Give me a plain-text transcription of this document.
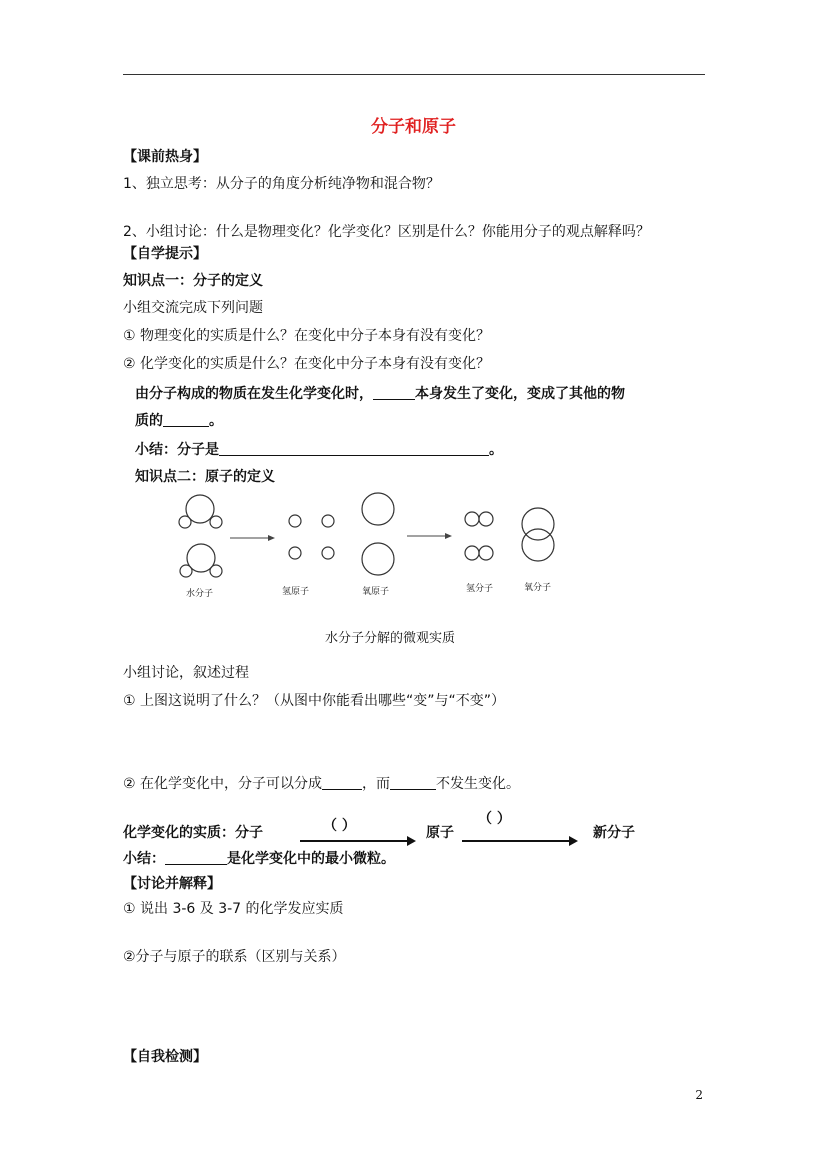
分子和原子
【课前热身】
1、独立思考：从分子的角度分析纯净物和混合物？
2、小组讨论：什么是物理变化？化学变化？区别是什么？你能用分子的观点解释吗？
【自学提示】
知识点一：分子的定义
小组交流完成下列问题
① 物理变化的实质是什么？在变化中分子本身有没有变化？
② 化学变化的实质是什么？在变化中分子本身有没有变化？
由分子构成的物质在发生化学变化时，	本身发生了变化，变成了其他的物
质的	。
小结：分子是	。
知识点二：原子的定义
水分子	氢原子	氧原子	氢分子	氧分子
水分子分解的微观实质
小组讨论，叙述过程
① 上图这说明了什么？（从图中你能看出哪些“变”与“不变”）
② 在化学变化中，分子可以分成	，而	不发生变化。
化学变化的实质：分子	（ ）	原子
（ ）
新分子
小结：	是化学变化中的最小微粒。
【讨论并解释】
① 说出 3-6 及 3-7 的化学发应实质
②分子与原子的联系（区别与关系）
【自我检测】
2
